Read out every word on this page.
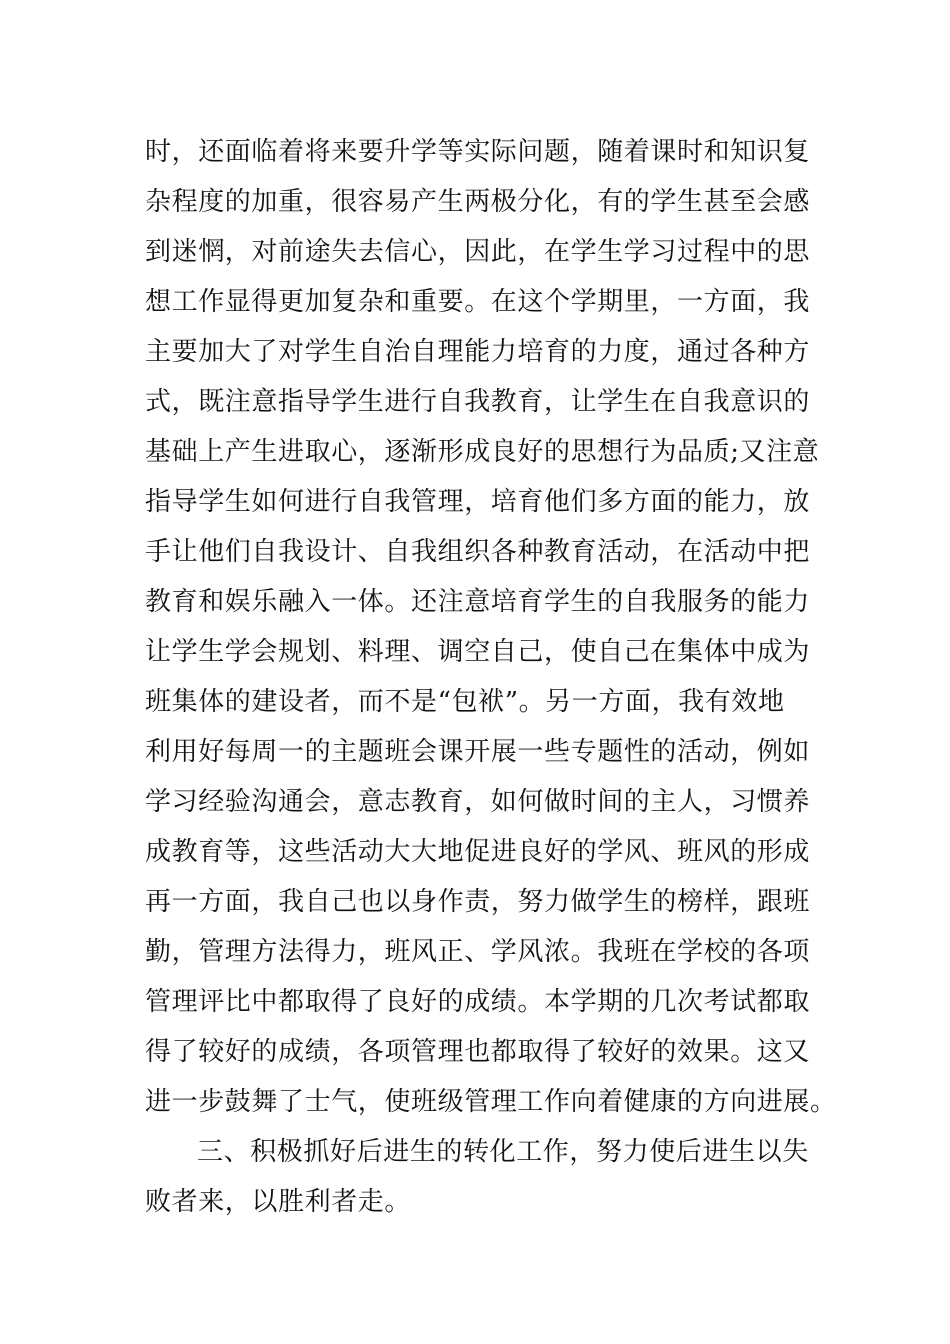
时，还面临着将来要升学等实际问题，随着课时和知识复
杂程度的加重，很容易产生两极分化，有的学生甚至会感
到迷惘，对前途失去信心，因此，在学生学习过程中的思
想工作显得更加复杂和重要。在这个学期里，一方面，我
主要加大了对学生自治自理能力培育的力度，通过各种方
式，既注意指导学生进行自我教育，让学生在自我意识的
基础上产生进取心，逐渐形成良好的思想行为品质;又注意
指导学生如何进行自我管理，培育他们多方面的能力，放
手让他们自我设计、自我组织各种教育活动，在活动中把
教育和娱乐融入一体。还注意培育学生的自我服务的能力
让学生学会规划、料理、调空自己，使自己在集体中成为
班集体的建设者，而不是“包袱”。另一方面，我有效地
利用好每周一的主题班会课开展一些专题性的活动，例如
学习经验沟通会，意志教育，如何做时间的主人，习惯养
成教育等，这些活动大大地促进良好的学风、班风的形成
再一方面，我自己也以身作责，努力做学生的榜样，跟班
勤，管理方法得力，班风正、学风浓。我班在学校的各项
管理评比中都取得了良好的成绩。本学期的几次考试都取
得了较好的成绩，各项管理也都取得了较好的效果。这又
进一步鼓舞了士气，使班级管理工作向着健康的方向进展。
三、积极抓好后进生的转化工作，努力使后进生以失
败者来，以胜利者走。
